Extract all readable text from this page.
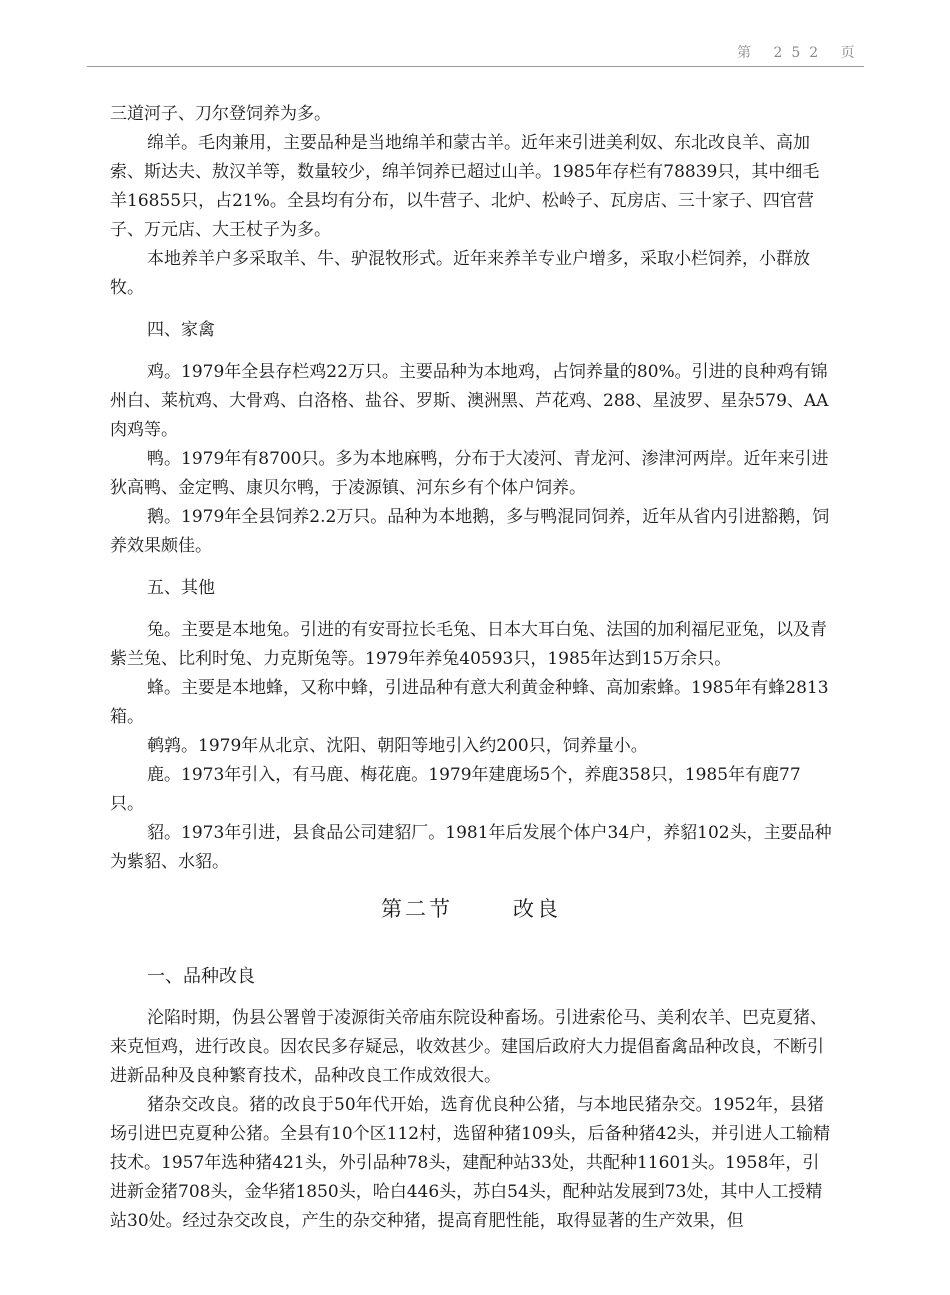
第 252 页

三道河子、刀尔登饲养为多。

绵羊。毛肉兼用，主要品种是当地绵羊和蒙古羊。近年来引进美利奴、东北改良羊、高加索、斯达夫、敖汉羊等，数量较少，绵羊饲养已超过山羊。1985年存栏有78839只，其中细毛羊16855只，占21%。全县均有分布，以牛营子、北炉、松岭子、瓦房店、三十家子、四官营子、万元店、大王杖子为多。

本地养羊户多采取羊、牛、驴混牧形式。近年来养羊专业户增多，采取小栏饲养，小群放牧。

四、家禽

鸡。1979年全县存栏鸡22万只。主要品种为本地鸡，占饲养量的80%。引进的良种鸡有锦州白、莱杭鸡、大骨鸡、白洛格、盐谷、罗斯、澳洲黑、芦花鸡、288、星波罗、星杂579、AA肉鸡等。

鸭。1979年有8700只。多为本地麻鸭，分布于大凌河、青龙河、渗津河两岸。近年来引进狄高鸭、金定鸭、康贝尔鸭，于凌源镇、河东乡有个体户饲养。

鹅。1979年全县饲养2.2万只。品种为本地鹅，多与鸭混同饲养，近年从省内引进豁鹅，饲养效果颇佳。

五、其他

兔。主要是本地兔。引进的有安哥拉长毛兔、日本大耳白兔、法国的加利福尼亚兔，以及青紫兰兔、比利时兔、力克斯兔等。1979年养兔40593只，1985年达到15万余只。

蜂。主要是本地蜂，又称中蜂，引进品种有意大利黄金种蜂、高加索蜂。1985年有蜂2813箱。

鹌鹑。1979年从北京、沈阳、朝阳等地引入约200只，饲养量小。

鹿。1973年引入，有马鹿、梅花鹿。1979年建鹿场5个，养鹿358只，1985年有鹿77只。

貂。1973年引进，县食品公司建貂厂。1981年后发展个体户34户，养貂102头，主要品种为紫貂、水貂。

第二节	改良

一、品种改良

沦陷时期，伪县公署曾于凌源街关帝庙东院设种畜场。引进索伦马、美利农羊、巴克夏猪、来克恒鸡，进行改良。因农民多存疑忌，收效甚少。建国后政府大力提倡畜禽品种改良，不断引进新品种及良种繁育技术，品种改良工作成效很大。

猪杂交改良。猪的改良于50年代开始，选育优良种公猪，与本地民猪杂交。1952年，县猪场引进巴克夏种公猪。全县有10个区112村，选留种猪109头，后备种猪42头，并引进人工输精技术。1957年选种猪421头，外引品种78头，建配种站33处，共配种11601头。1958年，引进新金猪708头，金华猪1850头，哈白446头，苏白54头，配种站发展到73处，其中人工授精站30处。经过杂交改良，产生的杂交种猪，提高育肥性能，取得显著的生产效果，但
